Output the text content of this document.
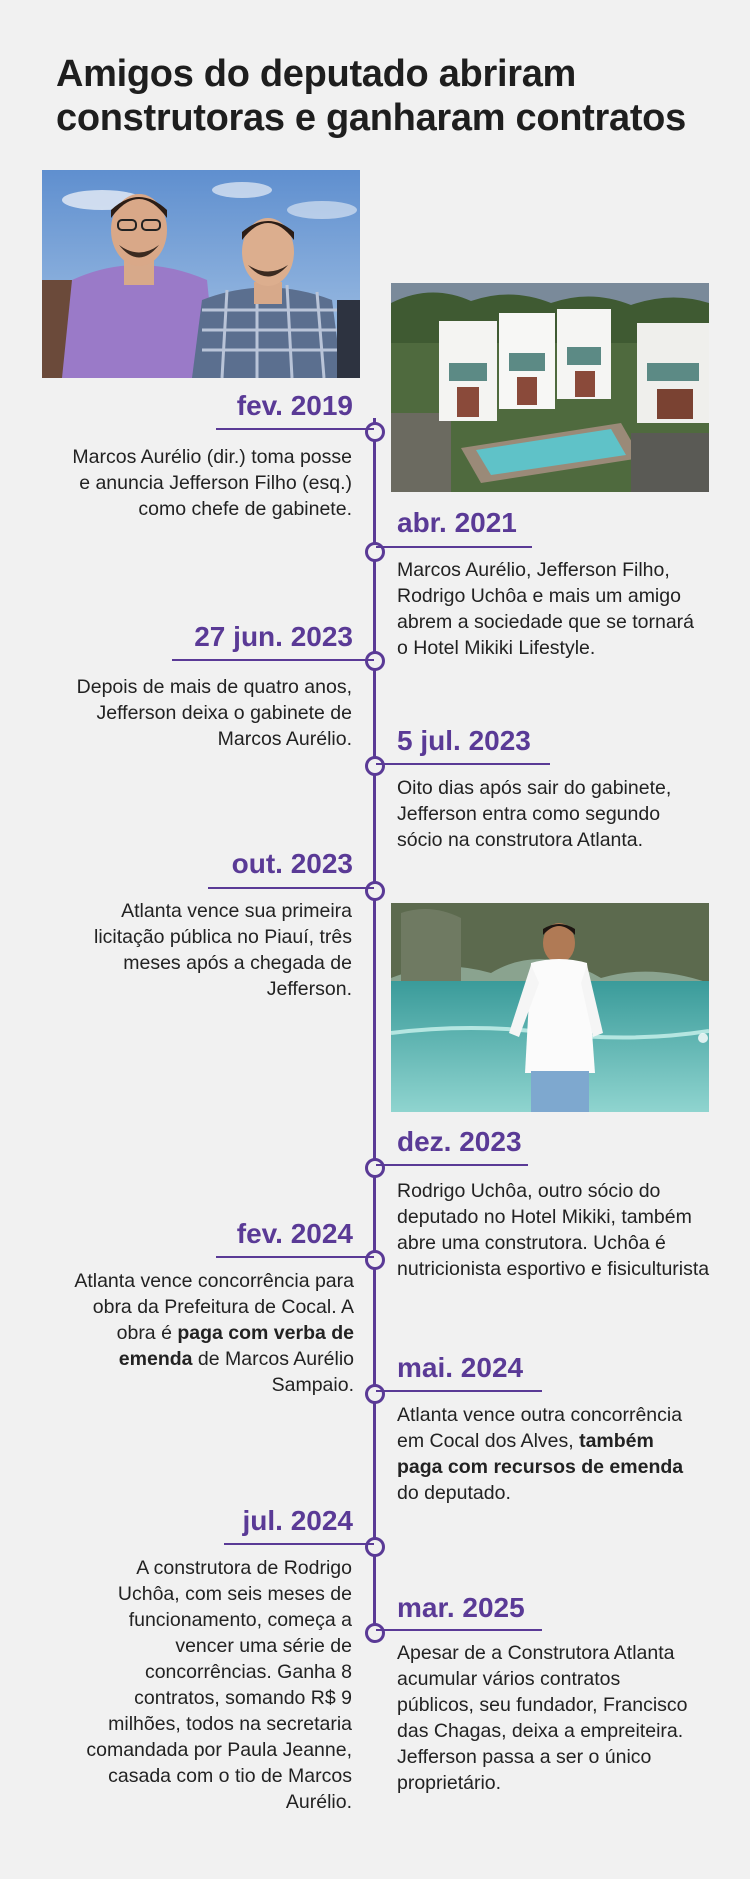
Amigos do deputado abriram construtoras e ganharam contratos
fev. 2019
Marcos Aurélio (dir.) toma posse e anuncia Jefferson Filho (esq.) como chefe de gabinete. abr. 2021
Marcos Aurélio, Jefferson Filho, Rodrigo Uchôa e mais um amigo abrem a sociedade que se tornará o Hotel Mikiki Lifestyle.
27 jun. 2023
Depois de mais de quatro anos, Jefferson deixa o gabinete de Marcos Aurélio. 5 jul. 2023
Oito dias após sair do gabinete, Jefferson entra como segundo sócio na construtora Atlanta.
out. 2023
Atlanta vence sua primeira licitação pública no Piauí, três meses após a chegada de Jefferson.
dez. 2023
Rodrigo Uchôa, outro sócio do deputado no Hotel Mikiki, também abre uma construtora. Uchôa é nutricionista esportivo e fisiculturista
fev. 2024
Atlanta vence concorrência para obra da Prefeitura de Cocal. A obra é paga com verba de emenda de Marcos Aurélio Sampaio.
mai. 2024
Atlanta vence outra concorrência em Cocal dos Alves, também paga com recursos de emenda do deputado.
jul. 2024
A construtora de Rodrigo Uchôa, com seis meses de funcionamento, começa a vencer uma série de concorrências. Ganha 8 contratos, somando R$ 9 milhões, todos na secretaria comandada por Paula Jeanne, casada com o tio de Marcos Aurélio.
mar. 2025
Apesar de a Construtora Atlanta acumular vários contratos públicos, seu fundador, Francisco das Chagas, deixa a empreiteira. Jefferson passa a ser o único proprietário.
